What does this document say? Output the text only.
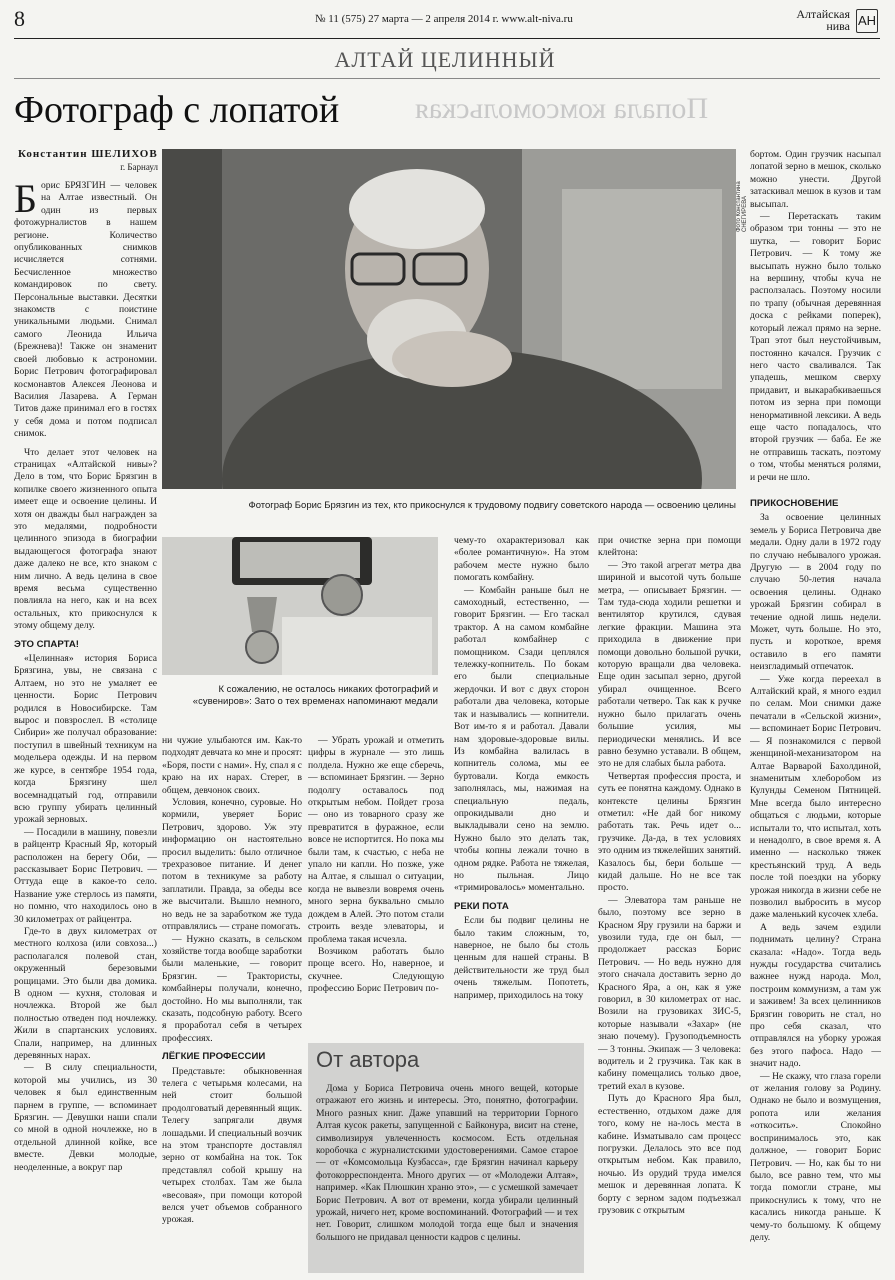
8	№ 11 (575) 27 марта — 2 апреля 2014 г. www.alt-niva.ru	Алтайская
нива АН
АЛТАЙ ЦЕЛИННЫЙ
Попала комсомольская
Фотограф с лопатой
Константин ШЕЛИХОВ
г. Барнаул

Борис БРЯЗГИН — человек на Алтае известный. Он один из первых фотожурналистов в нашем регионе. Количество опубликованных снимков исчисляется сотнями. Бесчисленное множество командировок по свету. Персональные выставки. Десятки знакомств с поистине уникальными людьми. Снимал самого Леонида Ильича (Брежнева)! Также он знаменит своей любовью к астрономии. Борис Петрович фотографировал космонавтов Алексея Леонова и Василия Лазарева. А Герман Титов даже принимал его в гостях у себя дома и потом подписал снимок.

Что делает этот человек на страницах «Алтайской нивы»? Дело в том, что Борис Брязгин в копилке своего жизненного опыта имеет еще и освоение целины. И хотя он дважды был награжден за это медалями, подробности целинного эпизода в биографии выдающегося фотографа знают даже далеко не все, кто знаком с ним лично. А ведь целина в свое время весьма существенно повлияла на него, как и на всех остальных, кто прикоснулся к этому общему делу.

ЭТО СПАРТА!

«Целинная» история Бориса Брязгина, увы, не связана с Алтаем, но это не умаляет ее ценности. Борис Петрович родился в Новосибирске. Там вырос и повзрослел. В «столице Сибири» же получал образование: поступил в швейный техникум на модельера одежды. И на первом же курсе, в сентябре 1954 года, когда Брязгину шел восемнадцатый год, отправили всю группу убирать целинный урожай зерновых.

— Посадили в машину, повезли в райцентр Красный Яр, который расположен на берегу Оби, — рассказывает Борис Петрович. — Оттуда еще в какое-то село. Название уже стерлось из памяти, но помню, что находилось оно в 30 километрах от райцентра.

Где-то в двух километрах от местного колхоза (или совхоза...) располагался полевой стан, окруженный березовыми рощицами. Это были два домика. В одном — кухня, столовая и ночлежка. Второй же был полностью отведен под ночлежку. Жили в спартанских условиях. Спали, например, на длинных деревянных нарах.

— В силу специальности, которой мы учились, из 30 человек я был единственным парнем в группе, — вспоминает Брязгин. — Девушки наши спали со мной в одной ночлежке, но в отдельной длинной койке, все вместе. Девки молодые, неоделенные, а вокруг пар

Фото Константина СНЕГИРЕВА
Фотограф Борис Брязгин из тех, кто прикоснулся к трудовому подвигу советского народа — освоению целины

бортом. Один грузчик насыпал лопатой зерно в мешок, сколько можно унести. Другой затаскивал мешок в кузов и там высыпал.

— Перетаскать таким образом три тонны — это не шутка, — говорит Борис Петрович. — К тому же высыпать нужно было только на вершину, чтобы куча не расползалась. Поэтому носили по трапу (обычная деревянная доска с рейками поперек), который лежал прямо на зерне. Трап этот был неустойчивым, постоянно качался. Грузчик с него часто сваливался. Так упадешь, мешком сверху придавит, и выкарабкиваешься потом из зерна при помощи ненормативной лексики. А ведь еще часто попадалось, что второй грузчик — баба. Ее же не отправишь таскать, поэтому о том, чтобы меняться ролями, и речи не шло.

ПРИКОСНОВЕНИЕ

За освоение целинных земель у Бориса Петровича две медали. Одну дали в 1972 году по случаю небывалого урожая. Другую — в 2004 году по случаю 50-летия начала освоения целины. Однако урожай Брязгин собирал в течение одной лишь недели. Может, чуть больше. Но это, пусть и короткое, время оставило в его памяти неизгладимый отпечаток.

— Уже когда переехал в Алтайский край, я много ездил по селам. Мои снимки даже печатали в «Сельской жизни», — вспоминает Борис Петрович. — Я познакомился с первой женщиной-механизатором на Алтае Варварой Бахолдиной, знаменитым хлеборобом из Кулунды Семеном Пятницей. Мне всегда было интересно общаться с людьми, которые испытали то, что испытал, хоть и ненадолго, в свое время я. А именно — насколько тяжек крестьянский труд. А ведь после той поездки на уборку урожая никогда в жизни себе не позволил выбросить в мусор даже маленький кусочек хлеба.

А ведь зачем ездили поднимать целину? Страна сказала: «Надо». Тогда ведь нужды государства считались важнее нужд народа. Мол, построим коммунизм, а там уж и заживем! За всех целинников Брязгин говорить не стал, но про себя сказал, что отправлялся на уборку урожая без этого пафоса. Надо — значит надо.

— Не скажу, что глаза горели от желания голову за Родину. Однако не было и возмущения, ропота или желания «откосить». Спокойно воспринималось это, как должное, — говорит Борис Петрович. — Но, как бы то ни было, все равно тем, что мы тогда помогли стране, мы прикоснулись к тому, что не касались никогда раньше. К чему-то большому. К общему делу.

К сожалению, не осталось никаких фотографий и «сувениров»: Зато о тех временах напоминают медали

ни чужие улыбаются им. Как-то подходят девчата ко мне и просят: «Боря, пости с нами». Ну, спал я с краю на их нарах. Стерег, в общем, девчонок своих.

Условия, конечно, суровые. Но кормили, уверяет Борис Петрович, здорово. Уж эту информацию он настоятельно просил выделить: было отличное трехразовое питание. И денег потом в техникуме за работу заплатили. Правда, за обеды все же высчитали. Вышло немного, но ведь не за заработком же туда отправлялись — стране помогать.

— Нужно сказать, в сельском хозяйстве тогда вообще заработки были маленькие, — говорит Брязгин. — Трактористы, комбайнеры получали, конечно, достойно. Но мы выполняли, так сказать, подсобную работу. Всего я проработал себя в четырех профессиях.

ЛЁГКИЕ ПРОФЕССИИ

Представьте: обыкновенная телега с четырьмя колесами, на ней стоит большой продолговатый деревянный ящик. Телегу запрягали двумя лошадьми. И специальный возчик на этом транспорте доставлял зерно от комбайна на ток. Ток представлял собой крышу на четырех столбах. Там же была «весовая», при помощи которой велся учет объемов собранного урожая.

— Убрать урожай и отметить цифры в журнале — это лишь полдела. Нужно же еще сберечь, — вспоминает Брязгин. — Зерно подолгу оставалось под открытым небом. Пойдет гроза — оно из товарного сразу же превратится в фуражное, если вовсе не испортится. Но пока мы были там, к счастью, с неба не упало ни капли. Но позже, уже на Алтае, я слышал о ситуации, когда не вывезли вовремя очень много зерна буквально смыло дождем в Алей. Это потом стали строить везде элеваторы, и проблема такая исчезла.

Возчиком работать было проще всего. Но, наверное, и скучнее. Следующую профессию Борис Петрович по-

чему-то охарактеризовал как «более романтичную». На этом рабочем месте нужно было помогать комбайну.

— Комбайн раньше был не самоходный, естественно, — говорит Брязгин. — Его таскал трактор. А на самом комбайне работал комбайнер с помощником. Сзади цеплялся тележку-копнитель. По бокам его были специальные жердочки. И вот с двух сторон работали два человека, которые так и назывались — копнители. Вот им-то я и работал. Давали нам здоровые-здоровые вилы. Из комбайна валилась в копнитель солома, мы ее буртовали. Когда емкость заполнялась, мы, нажимая на специальную педаль, опрокидывали дно и выкладывали сено на землю. Нужно было это делать так, чтобы копны лежали точно в одном рядке. Работа не тяжелая, но пыльная. Лицо «тримировалось» моментально.

РЕКИ ПОТА

Если бы подвиг целины не было таким сложным, то, наверное, не было бы столь ценным для нашей страны. В действительности же труд был очень тяжелым. Попотеть, например, приходилось на току

при очистке зерна при помощи клейтона:

— Это такой агрегат метра два шириной и высотой чуть больше метра, — описывает Брязгин. — Там туда-сюда ходили решетки и вентилятор крутился, сдувая легкие фракции. Машина эта приходила в движение при помощи довольно большой ручки, которую вращали два человека. Еще один засыпал зерно, другой убирал очищенное. Всего работали четверо. Так как к ручке нужно было прилагать очень большие усилия, мы периодически менялись. И все равно безумно уставали. В общем, это не для слабых была работа.

Четвертая профессия проста, и суть ее понятна каждому. Однако в контексте целины Брязгин отметил: «Не дай бог никому работать так. Речь идет о... грузчике. Да-да, в тех условиях это одним из тяжелейших занятий. Казалось бы, бери больше — кидай дальше. Но не все так просто.

— Элеватора там раньше не было, поэтому все зерно в Красном Яру грузили на баржи и увозили туда, где он был, — продолжает рассказ Борис Петрович. — Но ведь нужно для этого сначала доставить зерно до Красного Яра, а он, как я уже говорил, в 30 километрах от нас. Возили на грузовиках ЗИС-5, которые называли «Захар» (не знаю почему). Грузоподъемность — 3 тонны. Экипаж — 3 человека: водитель и 2 грузчика. Так как в кабину помещались только двое, третий ехал в кузове.

Путь до Красного Яра был, естественно, отдыхом даже для того, кому не на-лось места в кабине. Изматывало сам процесс погрузки. Делалось это все под открытым небом. Как правило, ночью. Из орудий труда имелся мешок и деревянная лопата. К борту с зерном задом подъезжал грузовик с открытым

От автора

Дома у Бориса Петровича очень много вещей, которые отражают его жизнь и интересы. Это, понятно, фотографии. Много разных книг. Даже упавший на территории Горного Алтая кусок ракеты, запущенной с Байконура, висит на стене, символизируя увлеченность космосом. Есть отдельная коробочка с журналистскими удостоверениями. Самое старое — от «Комсомольца Кузбасса», где Брязгин начинал карьеру фотокорреспондента. Много других — от «Молодежи Алтая», например. «Как Плюшкин храню это», — с усмешкой замечает Борис Петрович. А вот от времени, когда убирали целинный урожай, ничего нет, кроме воспоминаний. Фотографий — и тех нет. Говорит, слишком молодой тогда еще был и значения большого не придавал ценности кадров с целины.
